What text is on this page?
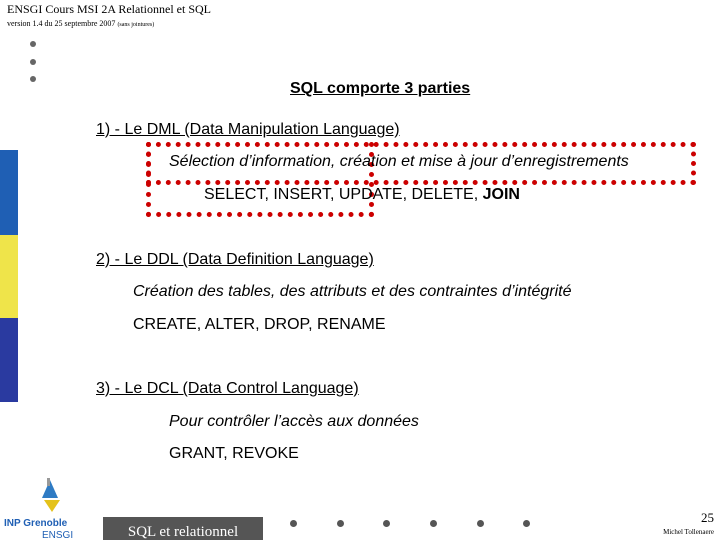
ENSGI Cours MSI 2A Relationnel et SQL
version 1.4 du 25 septembre 2007 (sans jointures)
SQL comporte 3 parties
1) - Le DML (Data Manipulation Language)
Sélection d’information, création et mise à jour d’enregistrements
SELECT, INSERT, UPDATE, DELETE, JOIN
2) - Le DDL (Data Definition Language)
Création des tables, des attributs et des contraintes d’intégrité
CREATE, ALTER, DROP, RENAME
3) - Le DCL (Data Control Language)
Pour contrôler l’accès aux données
GRANT, REVOKE
INP Grenoble
ENSGI	SQL et relationnel
25
Michel Tollenaere
